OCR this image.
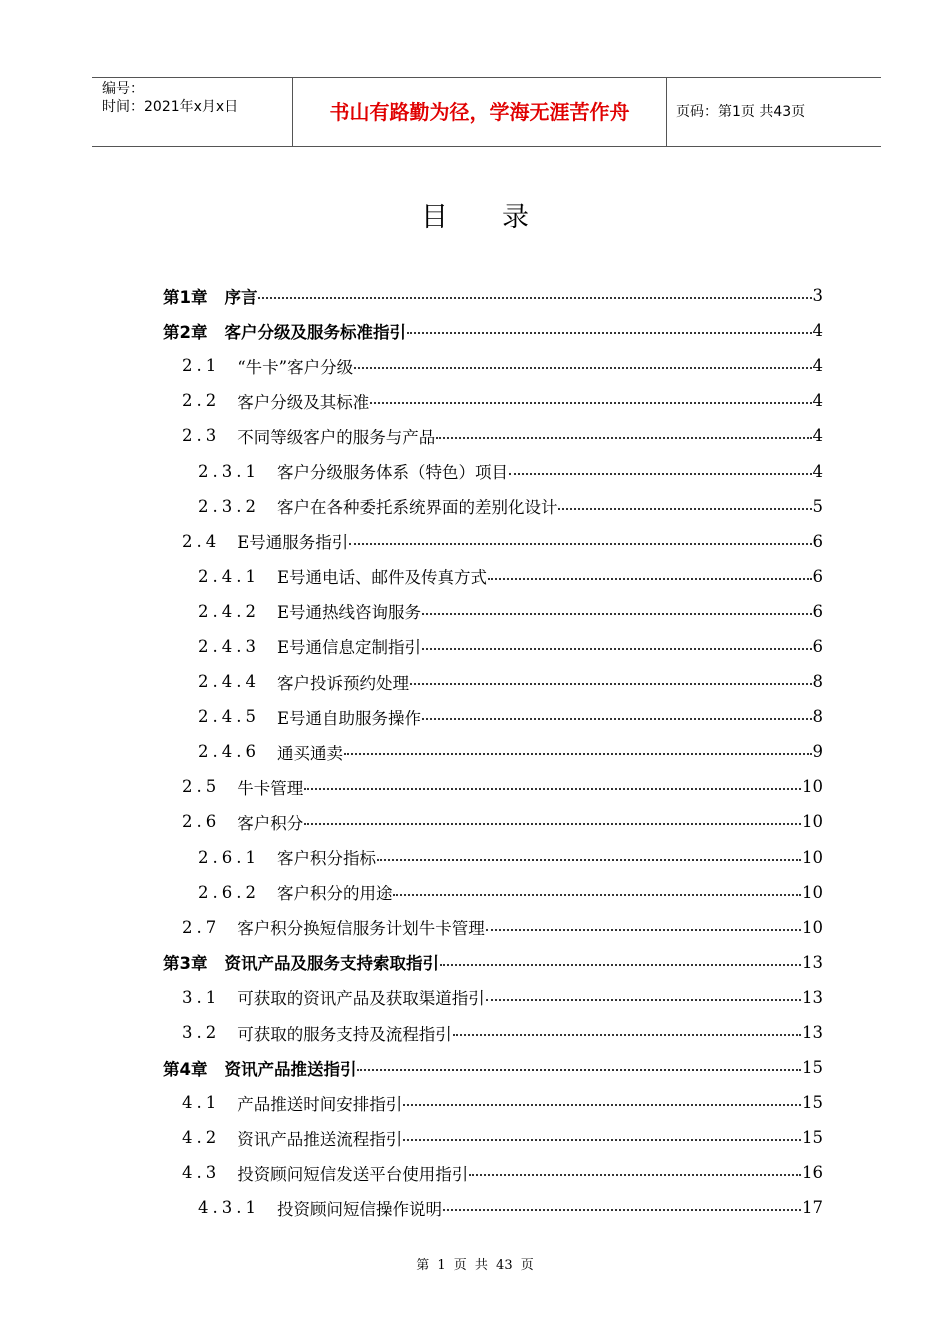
编号：
时间：2021年x月x日	书山有路勤为径，学海无涯苦作舟	页码：第1页 共43页
目录
第1章 序言	3
第2章 客户分级及服务标准指引	4
2.1 “牛卡”客户分级	4
2.2 客户分级及其标准	4
2.3 不同等级客户的服务与产品	4
2.3.1 客户分级服务体系（特色）项目	4
2.3.2 客户在各种委托系统界面的差别化设计	5
2.4 E号通服务指引	6
2.4.1 E号通电话、邮件及传真方式	6
2.4.2 E号通热线咨询服务	6
2.4.3 E号通信息定制指引	6
2.4.4 客户投诉预约处理	8
2.4.5 E号通自助服务操作	8
2.4.6 通买通卖	9
2.5 牛卡管理	10
2.6 客户积分	10
2.6.1 客户积分指标	10
2.6.2 客户积分的用途	10
2.7 客户积分换短信服务计划牛卡管理	10
第3章 资讯产品及服务支持索取指引	13
3.1 可获取的资讯产品及获取渠道指引	13
3.2 可获取的服务支持及流程指引	13
第4章 资讯产品推送指引	15
4.1 产品推送时间安排指引	15
4.2 资讯产品推送流程指引	15
4.3 投资顾问短信发送平台使用指引	16
4.3.1 投资顾问短信操作说明	17
第 1 页 共 43 页
